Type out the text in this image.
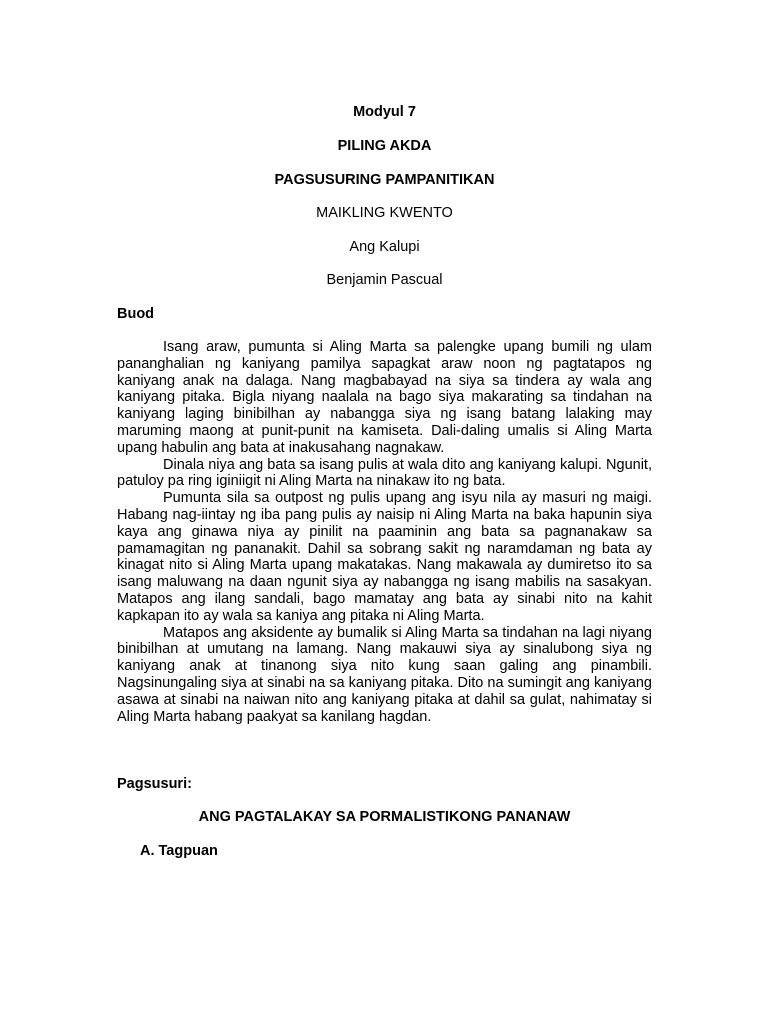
Modyul 7

PILING AKDA

PAGSUSURING PAMPANITIKAN

MAIKLING KWENTO

Ang Kalupi

Benjamin Pascual

Buod

Isang araw, pumunta si Aling Marta sa palengke upang bumili ng ulam pananghalian ng kaniyang pamilya sapagkat araw noon ng pagtatapos ng kaniyang anak na dalaga. Nang magbabayad na siya sa tindera ay wala ang kaniyang pitaka. Bigla niyang naalala na bago siya makarating sa tindahan na kaniyang laging binibilhan ay nabangga siya ng isang batang lalaking may maruming maong at punit-punit na kamiseta. Dali-daling umalis si Aling Marta upang habulin ang bata at inakusahang nagnakaw.

Dinala niya ang bata sa isang pulis at wala dito ang kaniyang kalupi. Ngunit, patuloy pa ring iginiigit ni Aling Marta na ninakaw ito ng bata.

Pumunta sila sa outpost ng pulis upang ang isyu nila ay masuri ng maigi. Habang nag-iintay ng iba pang pulis ay naisip ni Aling Marta na baka hapunin siya kaya ang ginawa niya ay pinilit na paaminin ang bata sa pagnanakaw sa pamamagitan ng pananakit. Dahil sa sobrang sakit ng naramdaman ng bata ay kinagat nito si Aling Marta upang makatakas. Nang makawala ay dumiretso ito sa isang maluwang na daan ngunit siya ay nabangga ng isang mabilis na sasakyan. Matapos ang ilang sandali, bago mamatay ang bata ay sinabi nito na kahit kapkapan ito ay wala sa kaniya ang pitaka ni Aling Marta.

Matapos ang aksidente ay bumalik si Aling Marta sa tindahan na lagi niyang binibilhan at umutang na lamang. Nang makauwi siya ay sinalubong siya ng kaniyang anak at tinanong siya nito kung saan galing ang pinambili. Nagsinungaling siya at sinabi na sa kaniyang pitaka. Dito na sumingit ang kaniyang asawa at sinabi na naiwan nito ang kaniyang pitaka at dahil sa gulat, nahimatay si Aling Marta habang paakyat sa kanilang hagdan.

Pagsusuri:

ANG PAGTALAKAY SA PORMALISTIKONG PANANAW

A. Tagpuan
